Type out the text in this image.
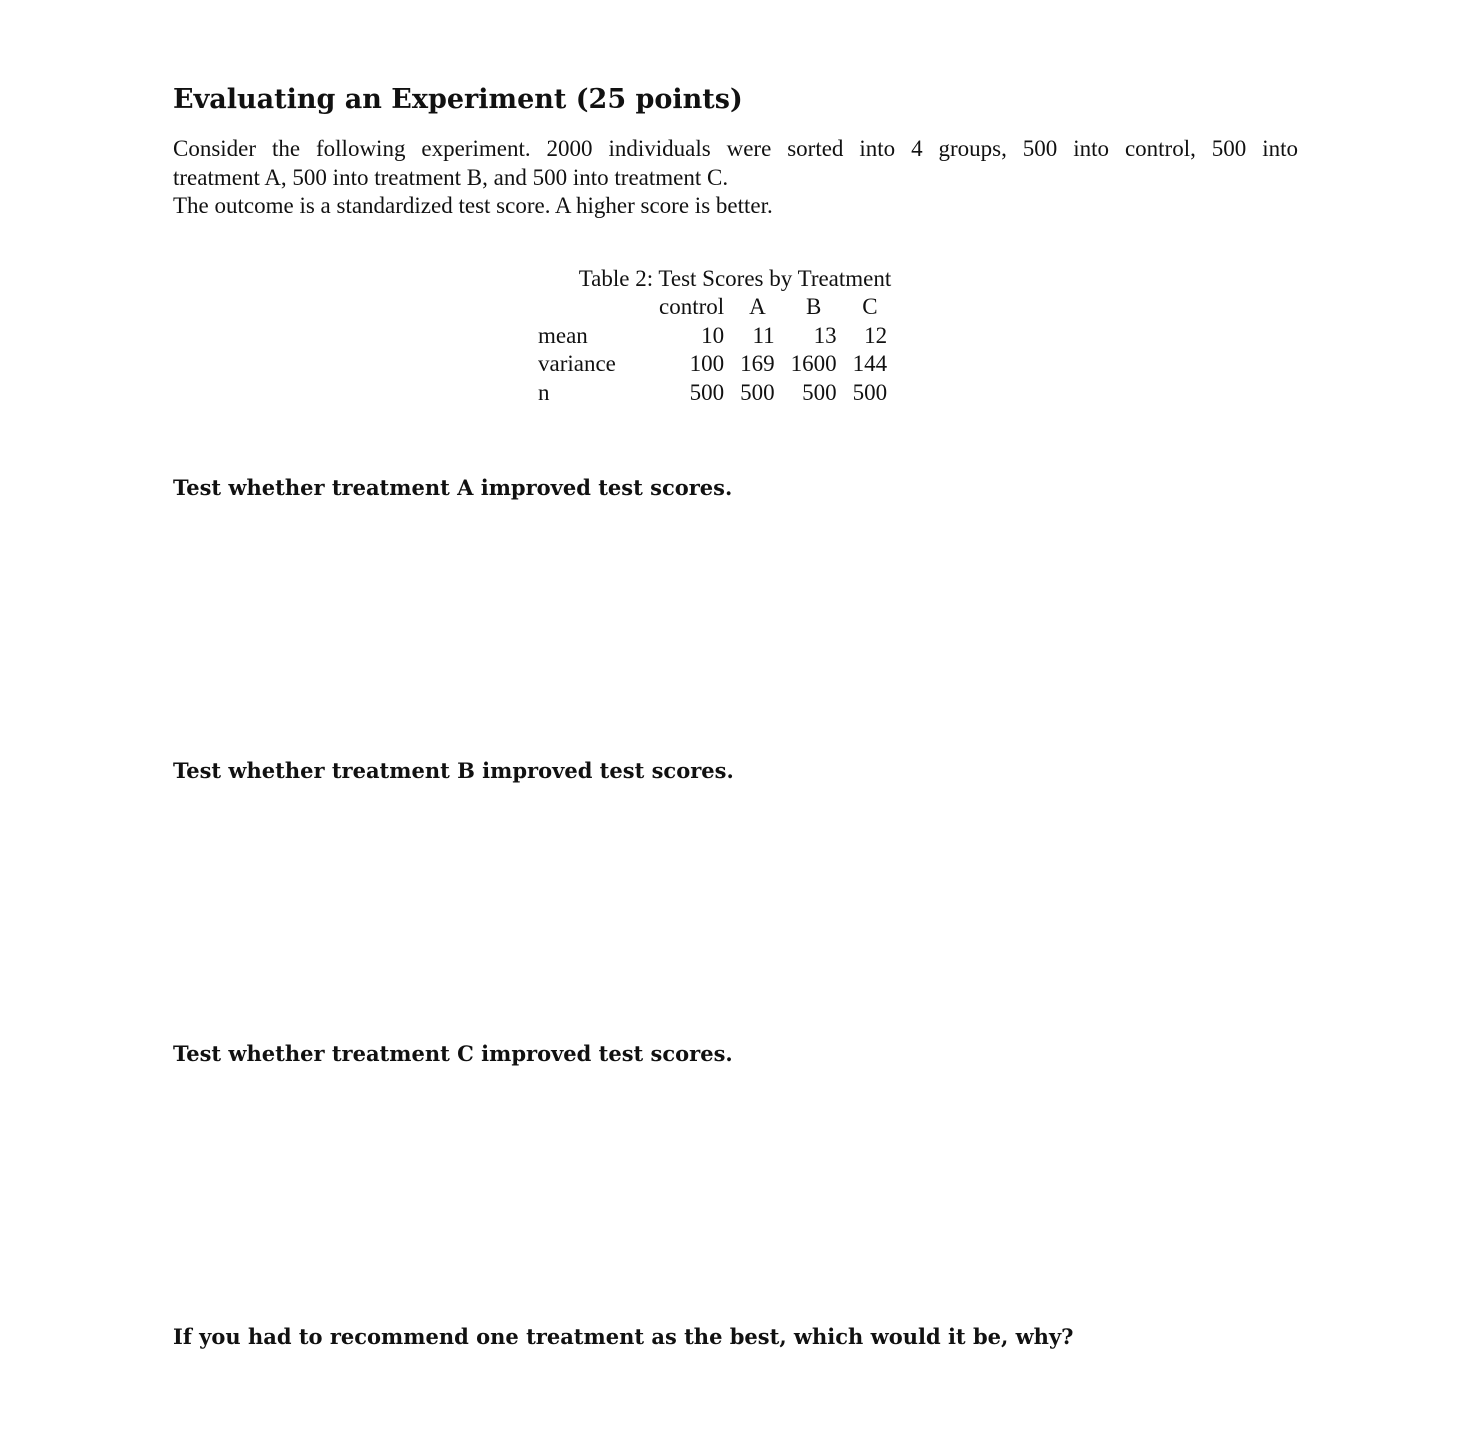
Evaluating an Experiment (25 points)
Consider the following experiment. 2000 individuals were sorted into 4 groups, 500 into control, 500 into
treatment A, 500 into treatment B, and 500 into treatment C.
The outcome is a standardized test score. A higher score is better.
Table 2: Test Scores by Treatment
	control	A	B	C
mean	10	11	13	12
variance	100	169	1600	144
n	500	500	500	500

Test whether treatment A improved test scores.

Test whether treatment B improved test scores.

Test whether treatment C improved test scores.

If you had to recommend one treatment as the best, which would it be, why?
